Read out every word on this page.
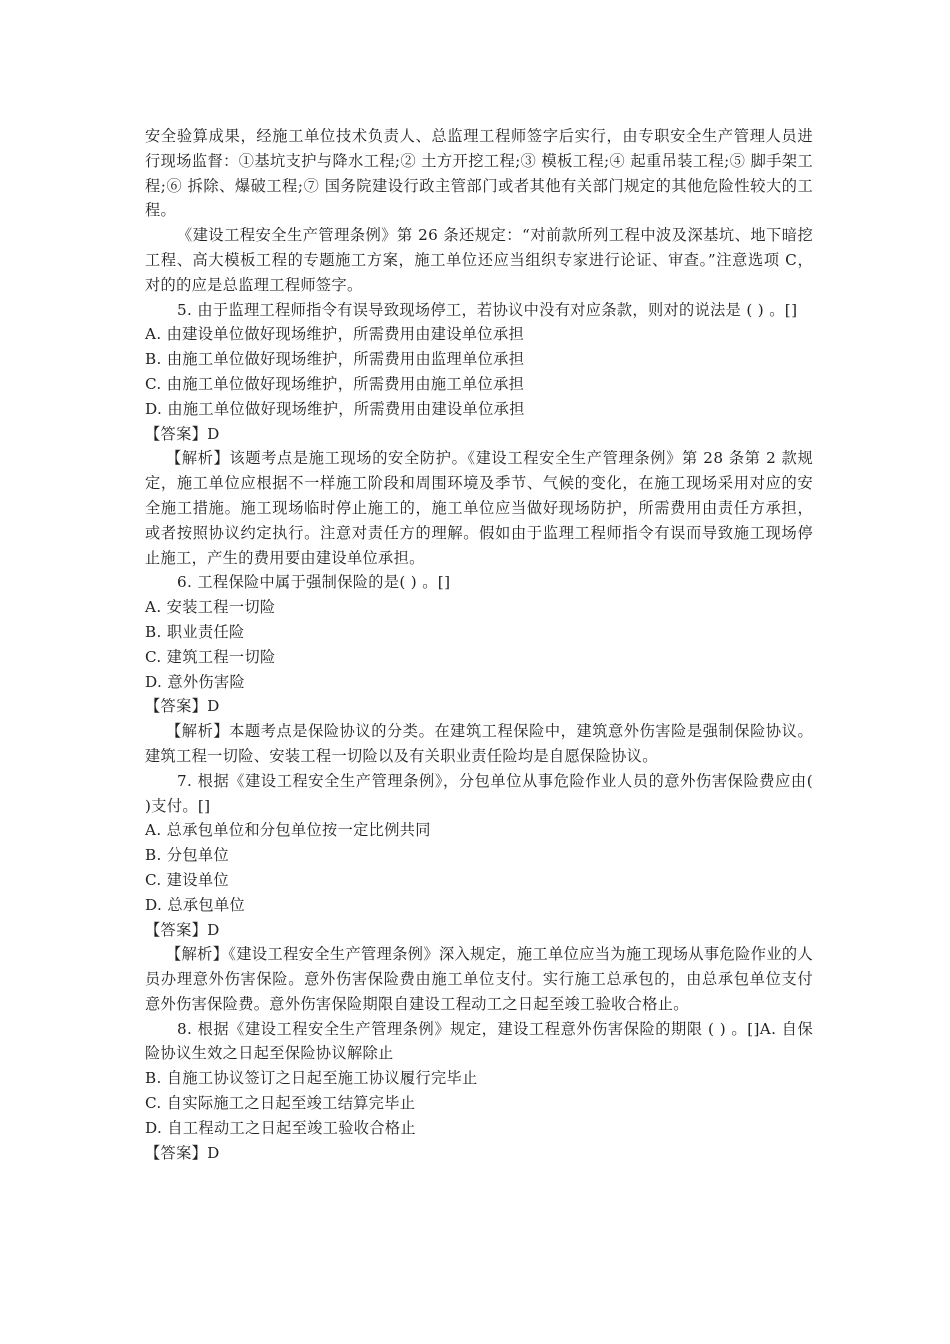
安全验算成果，经施工单位技术负责人、总监理工程师签字后实行，由专职安全生产管理人员进行现场监督：①基坑支护与降水工程;② 土方开挖工程;③ 模板工程;④ 起重吊装工程;⑤ 脚手架工程;⑥ 拆除、爆破工程;⑦ 国务院建设行政主管部门或者其他有关部门规定的其他危险性较大的工程。

《建设工程安全生产管理条例》第 26 条还规定：“对前款所列工程中波及深基坑、地下暗挖工程、高大模板工程的专题施工方案，施工单位还应当组织专家进行论证、审查。”注意选项 C，对的的应是总监理工程师签字。

5. 由于监理工程师指令有误导致现场停工，若协议中没有对应条款，则对的说法是 ( ) 。[]

A. 由建设单位做好现场维护，所需费用由建设单位承担

B. 由施工单位做好现场维护，所需费用由监理单位承担

C. 由施工单位做好现场维护，所需费用由施工单位承担

D. 由施工单位做好现场维护，所需费用由建设单位承担

【答案】D

【解析】该题考点是施工现场的安全防护。《建设工程安全生产管理条例》第 28 条第 2 款规定，施工单位应根据不一样施工阶段和周围环境及季节、气候的变化，在施工现场采用对应的安全施工措施。施工现场临时停止施工的，施工单位应当做好现场防护，所需费用由责任方承担，或者按照协议约定执行。注意对责任方的理解。假如由于监理工程师指令有误而导致施工现场停止施工，产生的费用要由建设单位承担。

6. 工程保险中属于强制保险的是( ) 。[]

A. 安装工程一切险

B. 职业责任险

C. 建筑工程一切险

D. 意外伤害险

【答案】D

【解析】本题考点是保险协议的分类。在建筑工程保险中，建筑意外伤害险是强制保险协议。建筑工程一切险、安装工程一切险以及有关职业责任险均是自愿保险协议。

7. 根据《建设工程安全生产管理条例》，分包单位从事危险作业人员的意外伤害保险费应由( )支付。[]

A. 总承包单位和分包单位按一定比例共同

B. 分包单位

C. 建设单位

D. 总承包单位

【答案】D

【解析】《建设工程安全生产管理条例》深入规定，施工单位应当为施工现场从事危险作业的人员办理意外伤害保险。意外伤害保险费由施工单位支付。实行施工总承包的，由总承包单位支付意外伤害保险费。意外伤害保险期限自建设工程动工之日起至竣工验收合格止。

8. 根据《建设工程安全生产管理条例》规定，建设工程意外伤害保险的期限 ( ) 。[]A. 自保险协议生效之日起至保险协议解除止

B. 自施工协议签订之日起至施工协议履行完毕止

C. 自实际施工之日起至竣工结算完毕止

D. 自工程动工之日起至竣工验收合格止

【答案】D
